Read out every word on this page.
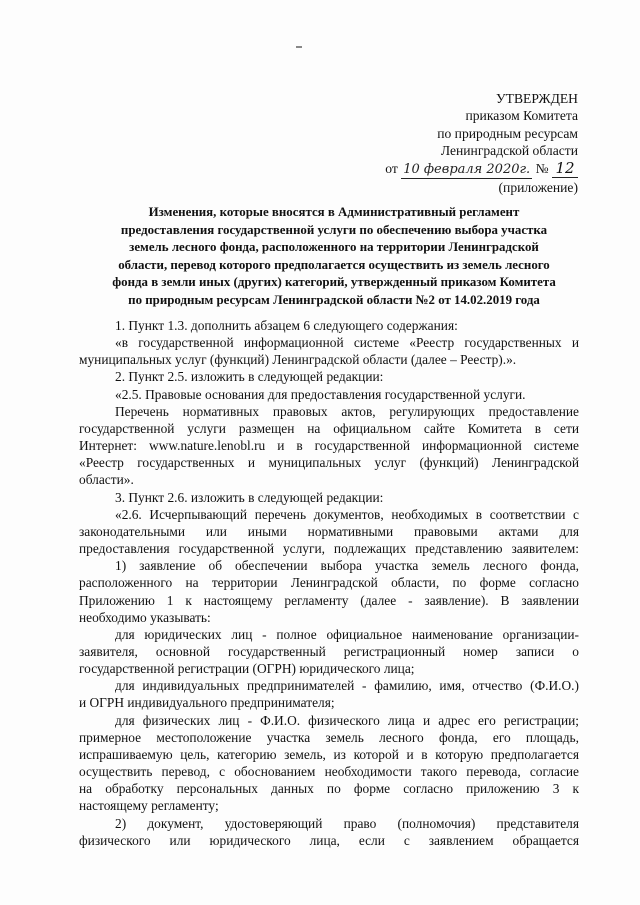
УТВЕРЖДЕН
приказом Комитета
по природным ресурсам
Ленинградской области
от 10 февраля 2020г. № 12
(приложение)
Изменения, которые вносятся в Административный регламент
предоставления государственной услуги по обеспечению выбора участка
земель лесного фонда, расположенного на территории Ленинградской
области, перевод которого предполагается осуществить из земель лесного
фонда в земли иных (других) категорий, утвержденный приказом Комитета
по природным ресурсам Ленинградской области №2 от 14.02.2019 года
1. Пункт 1.3. дополнить абзацем 6 следующего содержания:
«в государственной информационной системе «Реестр государственных и
муниципальных услуг (функций) Ленинградской области (далее – Реестр).».
2. Пункт 2.5. изложить в следующей редакции:
«2.5. Правовые основания для предоставления государственной услуги.
Перечень нормативных правовых актов, регулирующих предоставление
государственной услуги размещен на официальном сайте Комитета в сети
Интернет: www.nature.lenobl.ru и в государственной информационной системе
«Реестр государственных и муниципальных услуг (функций) Ленинградской
области».
3. Пункт 2.6. изложить в следующей редакции:
«2.6. Исчерпывающий перечень документов, необходимых в соответствии с
законодательными или иными нормативными правовыми актами для
предоставления государственной услуги, подлежащих представлению заявителем:
1) заявление об обеспечении выбора участка земель лесного фонда,
расположенного на территории Ленинградской области, по форме согласно
Приложению 1 к настоящему регламенту (далее - заявление). В заявлении
необходимо указывать:
для юридических лиц - полное официальное наименование организации-
заявителя, основной государственный регистрационный номер записи о
государственной регистрации (ОГРН) юридического лица;
для индивидуальных предпринимателей - фамилию, имя, отчество (Ф.И.О.)
и ОГРН индивидуального предпринимателя;
для физических лиц - Ф.И.О. физического лица и адрес его регистрации;
примерное местоположение участка земель лесного фонда, его площадь,
испрашиваемую цель, категорию земель, из которой и в которую предполагается
осуществить перевод, с обоснованием необходимости такого перевода, согласие
на обработку персональных данных по форме согласно приложению 3 к
настоящему регламенту;
2) документ, удостоверяющий право (полномочия) представителя
физического или юридического лица, если с заявлением обращается
